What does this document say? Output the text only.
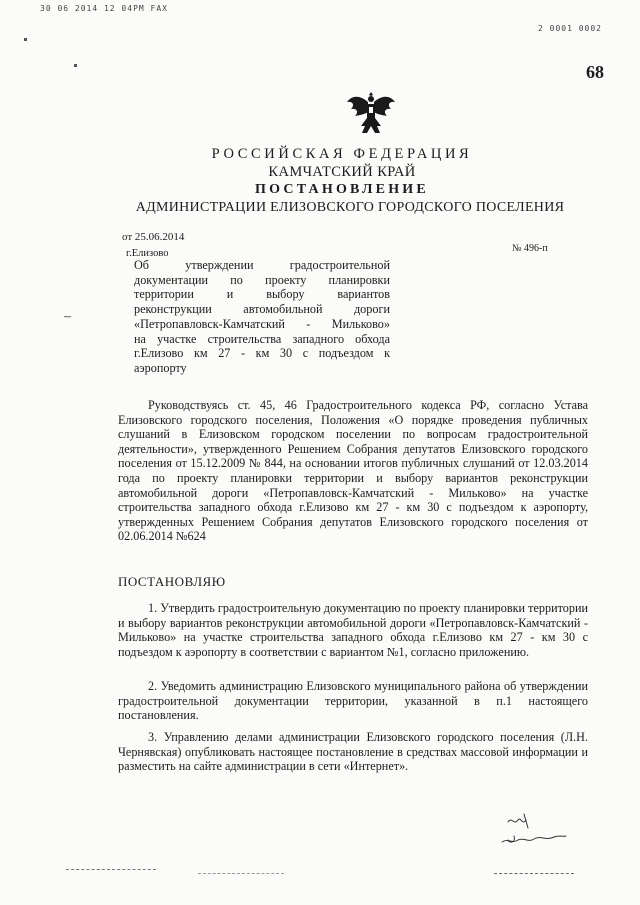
30 06 2014 12 04РМ FAX
2 0001 0002
68
РОССИЙСКАЯ ФЕДЕРАЦИЯ
КАМЧАТСКИЙ КРАЙ
ПОСТАНОВЛЕНИЕ
АДМИНИСТРАЦИИ ЕЛИЗОВСКОГО ГОРОДСКОГО ПОСЕЛЕНИЯ
от 25.06.2014
г.Елизово	№ 496-п
Об утверждении градостроительной
документации по проекту планировки
территории и выбору вариантов
реконструкции автомобильной дороги
«Петропавловск-Камчатский - Мильково»
на участке строительства западного обхода
г.Елизово км 27 - км 30 с подъездом к
аэропорту
–
Руководствуясь ст. 45, 46 Градостроительного кодекса РФ, согласно Устава Елизовского городского поселения, Положения «О порядке проведения публичных слушаний в Елизовском городском поселении по вопросам градостроительной деятельности», утвержденного Решением Собрания депутатов Елизовского городского поселения от 15.12.2009 № 844, на основании итогов публичных слушаний от 12.03.2014 года по проекту планировки территории и выбору вариантов реконструкции автомобильной дороги «Петропавловск-Камчатский - Мильково» на участке строительства западного обхода г.Елизово км 27 - км 30 с подъездом к аэропорту, утвержденных Решением Собрания депутатов Елизовского городского поселения от 02.06.2014 №624
ПОСТАНОВЛЯЮ
1. Утвердить градостроительную документацию по проекту планировки территории и выбору вариантов реконструкции автомобильной дороги «Петропавловск-Камчатский - Мильково» на участке строительства западного обхода г.Елизово км 27 - км 30 с подъездом к аэропорту в соответствии с вариантом №1, согласно приложению.
2. Уведомить администрацию Елизовского муниципального района об утверждении градостроительной документации территории, указанной в п.1 настоящего постановления.
3. Управлению делами администрации Елизовского городского поселения (Л.Н. Чернявская) опубликовать настоящее постановление в средствах массовой информации и разместить на сайте администрации в сети «Интернет».
